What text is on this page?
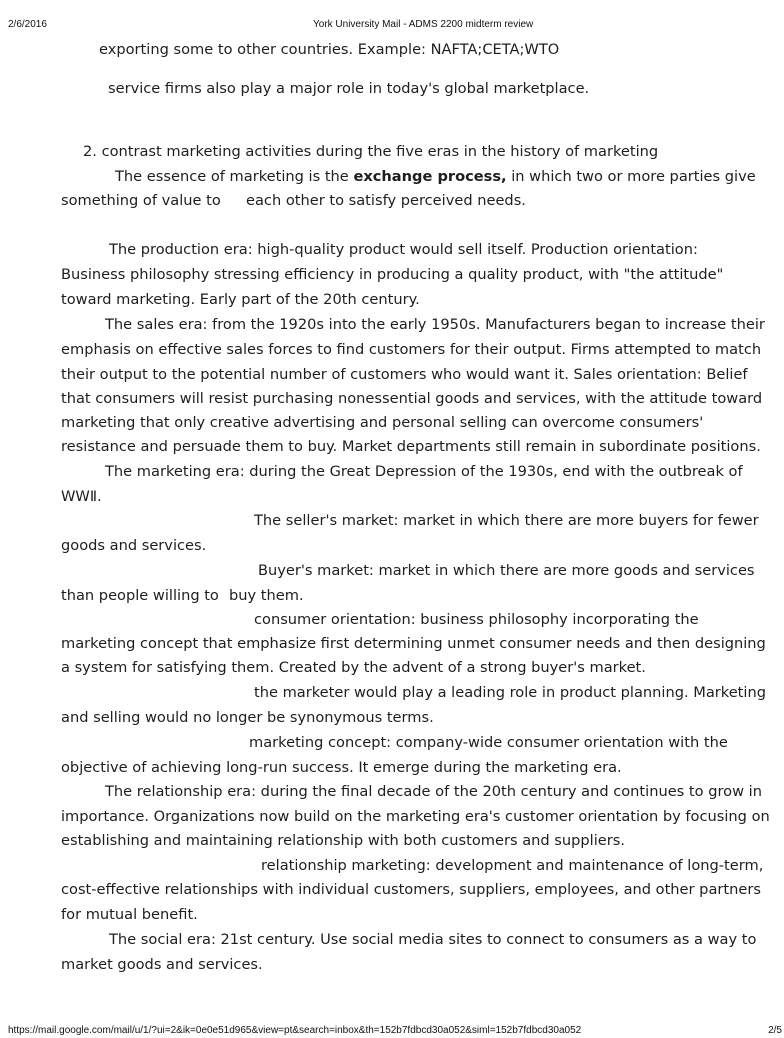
2/6/2016	York University Mail - ADMS 2200 midterm review
exporting some to other countries. Example: NAFTA;CETA;WTO
service firms also play a major role in today's global marketplace.
2. contrast marketing activities during the five eras in the history of marketing
The essence of marketing is the exchange process, in which two or more parties give
something of value to each other to satisfy perceived needs.
The production era: high-quality product would sell itself. Production orientation:
Business philosophy stressing efficiency in producing a quality product, with "the attitude"
toward marketing. Early part of the 20th century.
The sales era: from the 1920s into the early 1950s. Manufacturers began to increase their
emphasis on effective sales forces to find customers for their output. Firms attempted to match
their output to the potential number of customers who would want it. Sales orientation: Belief
that consumers will resist purchasing nonessential goods and services, with the attitude toward
marketing that only creative advertising and personal selling can overcome consumers'
resistance and persuade them to buy. Market departments still remain in subordinate positions.
The marketing era: during the Great Depression of the 1930s, end with the outbreak of
WWⅡ.
The seller's market: market in which there are more buyers for fewer
goods and services.
Buyer's market: market in which there are more goods and services
than people willing to buy them.
consumer orientation: business philosophy incorporating the
marketing concept that emphasize first determining unmet consumer needs and then designing
a system for satisfying them. Created by the advent of a strong buyer's market.
the marketer would play a leading role in product planning. Marketing
and selling would no longer be synonymous terms.
marketing concept: company-wide consumer orientation with the
objective of achieving long-run success. It emerge during the marketing era.
The relationship era: during the final decade of the 20th century and continues to grow in
importance. Organizations now build on the marketing era's customer orientation by focusing on
establishing and maintaining relationship with both customers and suppliers.
relationship marketing: development and maintenance of long-term,
cost-effective relationships with individual customers, suppliers, employees, and other partners
for mutual benefit.
The social era: 21st century. Use social media sites to connect to consumers as a way to
market goods and services.
https://mail.google.com/mail/u/1/?ui=2&ik=0e0e51d965&view=pt&search=inbox&th=152b7fdbcd30a052&siml=152b7fdbcd30a052	2/5
